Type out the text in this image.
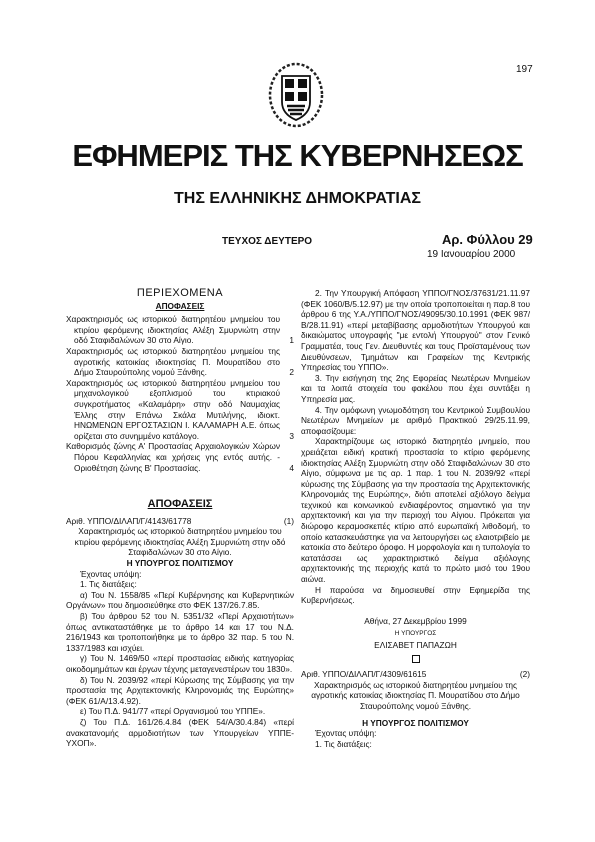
197
ΕΦΗΜΕΡΙΣ ΤΗΣ ΚΥΒΕΡΝΗΣΕΩΣ
ΤΗΣ ΕΛΛΗΝΙΚΗΣ ΔΗΜΟΚΡΑΤΙΑΣ
ΤΕΥΧΟΣ ΔΕΥΤΕΡΟ	Αρ. Φύλλου 29
19 Ιανουαρίου 2000

ΠΕΡΙΕΧΟΜΕΝΑ

ΑΠΟΦΑΣΕΙΣ

Χαρακτηρισμός ως ιστορικού διατηρητέου μνημείου του κτιρίου φερόμενης ιδιοκτησίας Αλέξη Σμυρνιώτη στην οδό Σταφιδαλώνων 30 στο Αίγιο.	1
Χαρακτηρισμός ως ιστορικού διατηρητέου μνημείου της αγροτικής κατοικίας ιδιοκτησίας Π. Μουρατίδου στο Δήμο Σταυρούπολης νομού Ξάνθης.	2
Χαρακτηρισμός ως ιστορικού διατηρητέου μνημείου του μηχανολογικού εξοπλισμού του κτιριακού συγκροτήματος «Καλαμάρη» στην οδό Ναυμαχίας Έλλης στην Επάνω Σκάλα Μυτιλήνης, ιδιοκτ. ΗΝΩΜΕΝΩΝ ΕΡΓΟΣΤΑΣΙΩΝ Ι. ΚΑΛΑΜΑΡΗ Α.Ε. όπως ορίζεται στο συνημμένο κατάλογο.	3
Καθορισμός ζώνης Α' Προστασίας Αρχαιολογικών Χώρων Πόρου Κεφαλληνίας και χρήσεις γης εντός αυτής. - Οριοθέτηση ζώνης Β' Προστασίας.	4

ΑΠΟΦΑΣΕΙΣ

Αριθ. ΥΠΠΟ/ΔΙΛΑΠ/Γ/4143/61778	(1)

Χαρακτηρισμός ως ιστορικού διατηρητέου μνημείου του κτιρίου φερόμενης ιδιοκτησίας Αλέξη Σμυρνιώτη στην οδό Σταφιδαλώνων 30 στο Αίγιο.

Η ΥΠΟΥΡΓΟΣ ΠΟΛΙΤΙΣΜΟΥ

Έχοντας υπόψη:

1. Τις διατάξεις:

α) Του Ν. 1558/85 «Περί Κυβέρνησης και Κυβερνητικών Οργάνων» που δημοσιεύθηκε στο ΦΕΚ 137/26.7.85.

β) Του άρθρου 52 του Ν. 5351/32 «Περί Αρχαιοτήτων» όπως αντικαταστάθηκε με το άρθρο 14 και 17 του Ν.Δ. 216/1943 και τροποποιήθηκε με το άρθρο 32 παρ. 5 του Ν. 1337/1983 και ισχύει.

γ) Του Ν. 1469/50 «περί προστασίας ειδικής κατηγορίας οικοδομημάτων και έργων τέχνης μεταγενεστέρων του 1830».

δ) Του Ν. 2039/92 «περί Κύρωσης της Σύμβασης για την προστασία της Αρχιτεκτονικής Κληρονομιάς της Ευρώπης» (ΦΕΚ 61/Α/13.4.92).

ε) Του Π.Δ. 941/77 «περί Οργανισμού του ΥΠΠΕ».

ζ) Του Π.Δ. 161/26.4.84 (ΦΕΚ 54/Α/30.4.84) «περί ανακατανομής αρμοδιοτήτων των Υπουργείων ΥΠΠΕ-ΥΧΟΠ».

2. Την Υπουργική Απόφαση ΥΠΠΟ/ΓΝΟΣ/37631/21.11.97 (ΦΕΚ 1060/Β/5.12.97) με την οποία τροποποιείται η παρ.8 του άρθρου 6 της Υ.Α./ΥΠΠΟ/ΓΝΟΣ/49095/30.10.1991 (ΦΕΚ 987/Β/28.11.91) «περί μεταβίβασης αρμοδιοτήτων Υπουργού και δικαιώματος υπογραφής "με εντολή Υπουργού" στον Γενικό Γραμματέα, τους Γεν. Διευθυντές και τους Προϊσταμένους των Διευθύνσεων, Τμημάτων και Γραφείων της Κεντρικής Υπηρεσίας του ΥΠΠΟ».

3. Την εισήγηση της 2ης Εφορείας Νεωτέρων Μνημείων και τα λοιπά στοιχεία του φακέλου που έχει συντάξει η Υπηρεσία μας.

4. Την ομόφωνη γνωμοδότηση του Κεντρικού Συμβουλίου Νεωτέρων Μνημείων με αριθμό Πρακτικού 29/25.11.99, αποφασίζουμε:

Χαρακτηρίζουμε ως ιστορικό διατηρητέο μνημείο, που χρειάζεται ειδική κρατική προστασία το κτίριο φερόμενης ιδιοκτησίας Αλέξη Σμυρνιώτη στην οδό Σταφιδαλώνων 30 στο Αίγιο, σύμφωνα με τις αρ. 1 παρ. 1 του Ν. 2039/92 «περί κύρωσης της Σύμβασης για την προστασία της Αρχιτεκτονικής Κληρονομιάς της Ευρώπης», διότι αποτελεί αξιόλογο δείγμα τεχνικού και κοινωνικού ενδιαφέροντος σημαντικό για την αρχιτεκτονική και για την περιοχή του Αίγιου. Πρόκειται για διώροφο κεραμοσκεπές κτίριο από ευρωπαϊκή λιθοδομή, το οποίο κατασκευάστηκε για να λειτουργήσει ως ελαιοτριβείο με κατοικία στο δεύτερο όροφο. Η μορφολογία και η τυπολογία το κατατάσσει ως χαρακτηριστικό δείγμα αξιόλογης αρχιτεκτονικής της περιοχής κατά το πρώτο μισό του 19ου αιώνα.

Η παρούσα να δημοσιευθεί στην Εφημερίδα της Κυβερνήσεως.

Αθήνα, 27 Δεκεμβρίου 1999

Η ΥΠΟΥΡΓΟΣ

ΕΛΙΣΑΒΕΤ ΠΑΠΑΖΩΗ

Αριθ. ΥΠΠΟ/ΔΙΛΑΠ/Γ/4309/61615	(2)

Χαρακτηρισμός ως ιστορικού διατηρητέου μνημείου της αγροτικής κατοικίας ιδιοκτησίας Π. Μουρατίδου στο Δήμο Σταυρούπολης νομού Ξάνθης.

Η ΥΠΟΥΡΓΟΣ ΠΟΛΙΤΙΣΜΟΥ

Έχοντας υπόψη:

1. Τις διατάξεις:
